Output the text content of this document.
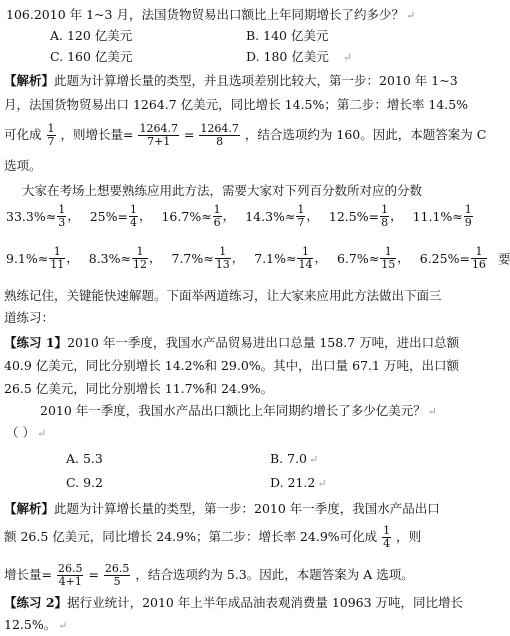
106.2010 年 1~3 月，法国货物贸易出口额比上年同期增长了约多少？ ↵
A. 120 亿美元	B. 140 亿美元
C. 160 亿美元	D. 180 亿美元 ↵
【解析】此题为计算增长量的类型，并且选项差别比较大，第一步：2010 年 1~3
月，法国货物贸易出口 1264.7 亿美元，同比增长 14.5%；第二步：增长率 14.5%
可化成 $\frac{1}{7}$ ，则增长量= $\frac{1264.7}{7+1} = \frac{1264.7}{8}$ ，结合选项约为 160。因此，本题答案为 C
选项。
大家在考场上想要熟练应用此方法，需要大家对下列百分数所对应的分数
$33.3\%\approx \frac{1}{3}$ ， $25\%= \frac{1}{4}$ ， $16.7\%\approx \frac{1}{6}$ ， $14.3\%\approx \frac{1}{7}$ ， $12.5\%= \frac{1}{8}$ ， $11.1\%\approx \frac{1}{9}$
$9.1\%\approx \frac{1}{11}$ ， $8.3\%\approx \frac{1}{12}$ ， $7.7\%\approx \frac{1}{13}$ ， $7.1\%\approx \frac{1}{14}$ ， $6.7\%\approx \frac{1}{15}$ ， $6.25\%= \frac{1}{16}$ 要
熟练记住，关键能快速解题。下面举两道练习，让大家来应用此方法做出下面三
道练习：
【练习 1】2010 年一季度，我国水产品贸易进出口总量 158.7 万吨，进出口总额
40.9 亿美元，同比分别增长 14.2%和 29.0%。其中，出口量 67.1 万吨，出口额
26.5 亿美元，同比分别增长 11.7%和 24.9%。
2010 年一季度，我国水产品出口额比上年同期约增长了多少亿美元？ ↵
（ ） ↵
A. 5.3	B. 7.0 ↵
C. 9.2	D. 21.2 ↵
【解析】此题为计算增长量的类型，第一步：2010 年一季度，我国水产品出口
额 26.5 亿美元，同比增长 24.9%；第二步：增长率 24.9%可化成 $\frac{1}{4}$ ，则
增长量= $\frac{26.5}{4+1} = \frac{26.5}{5}$ ，结合选项约为 5.3。因此，本题答案为 A 选项。
【练习 2】据行业统计，2010 年上半年成品油表观消费量 10963 万吨，同比增长
12.5%。 ↵
